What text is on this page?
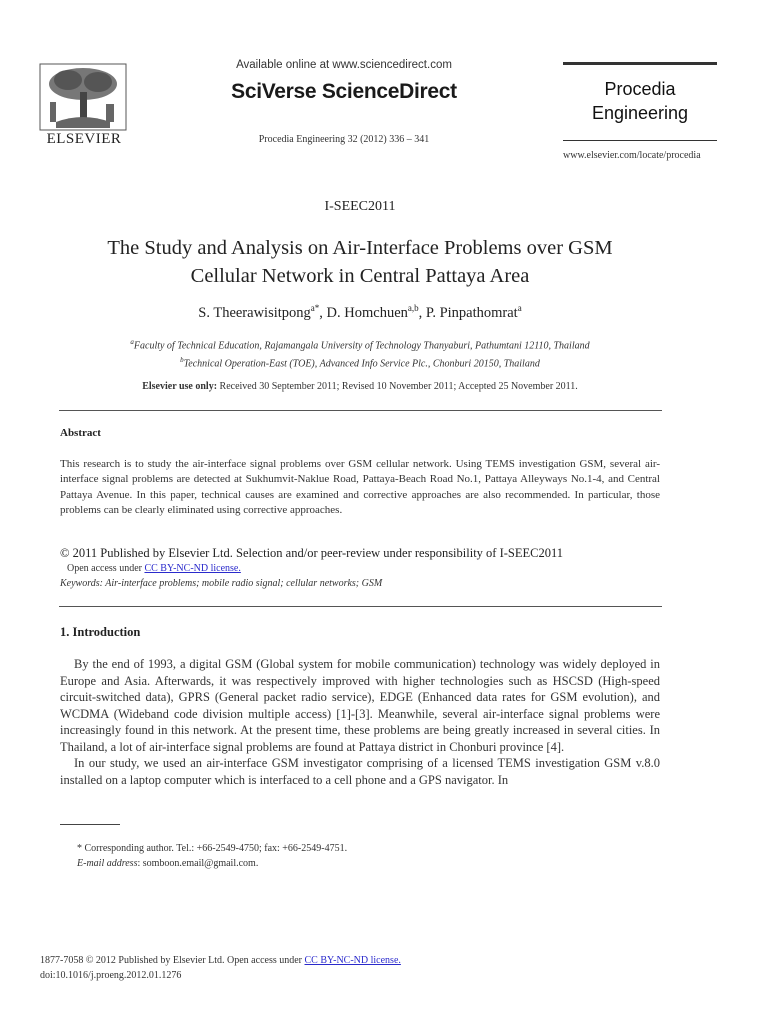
ELSEVIER
Available online at www.sciencedirect.com
SciVerse ScienceDirect
Procedia Engineering 32 (2012) 336 – 341
Procedia
Engineering
www.elsevier.com/locate/procedia
I-SEEC2011
The Study and Analysis on Air-Interface Problems over GSM
Cellular Network in Central Pattaya Area
S. Theerawisitpong$^{a*}$, D. Homchuen$^{a,b}$, P. Pinpathomrat$^a$
$^a$Faculty of Technical Education, Rajamangala University of Technology Thanyaburi, Pathumtani 12110, Thailand
$^b$Technical Operation-East (TOE), Advanced Info Service Plc., Chonburi 20150, Thailand
Elsevier use only: Received 30 September 2011; Revised 10 November 2011; Accepted 25 November 2011.
Abstract
This research is to study the air-interface signal problems over GSM cellular network. Using TEMS investigation GSM, several air-interface signal problems are detected at Sukhumvit-Naklue Road, Pattaya-Beach Road No.1, Pattaya Alleyways No.1-4, and Central Pattaya Avenue. In this paper, technical causes are examined and corrective approaches are also recommended. In particular, those problems can be clearly eliminated using corrective approaches.
© 2011 Published by Elsevier Ltd. Selection and/or peer-review under responsibility of I-SEEC2011
Open access under CC BY-NC-ND license.
Keywords: Air-interface problems; mobile radio signal; cellular networks; GSM
1. Introduction

By the end of 1993, a digital GSM (Global system for mobile communication) technology was widely deployed in Europe and Asia. Afterwards, it was respectively improved with higher technologies such as HSCSD (High-speed circuit-switched data), GPRS (General packet radio service), EDGE (Enhanced data rates for GSM evolution), and WCDMA (Wideband code division multiple access) [1]-[3]. Meanwhile, several air-interface signal problems were increasingly found in this network. At the present time, these problems are being greatly increased in several cities. In Thailand, a lot of air-interface signal problems are found at Pattaya district in Chonburi province [4].

In our study, we used an air-interface GSM investigator comprising of a licensed TEMS investigation GSM v.8.0 installed on a laptop computer which is interfaced to a cell phone and a GPS navigator. In

* Corresponding author. Tel.: +66-2549-4750; fax: +66-2549-4751.
E-mail address: somboon.email@gmail.com.
1877-7058 © 2012 Published by Elsevier Ltd. Open access under CC BY-NC-ND license.
doi:10.1016/j.proeng.2012.01.1276
